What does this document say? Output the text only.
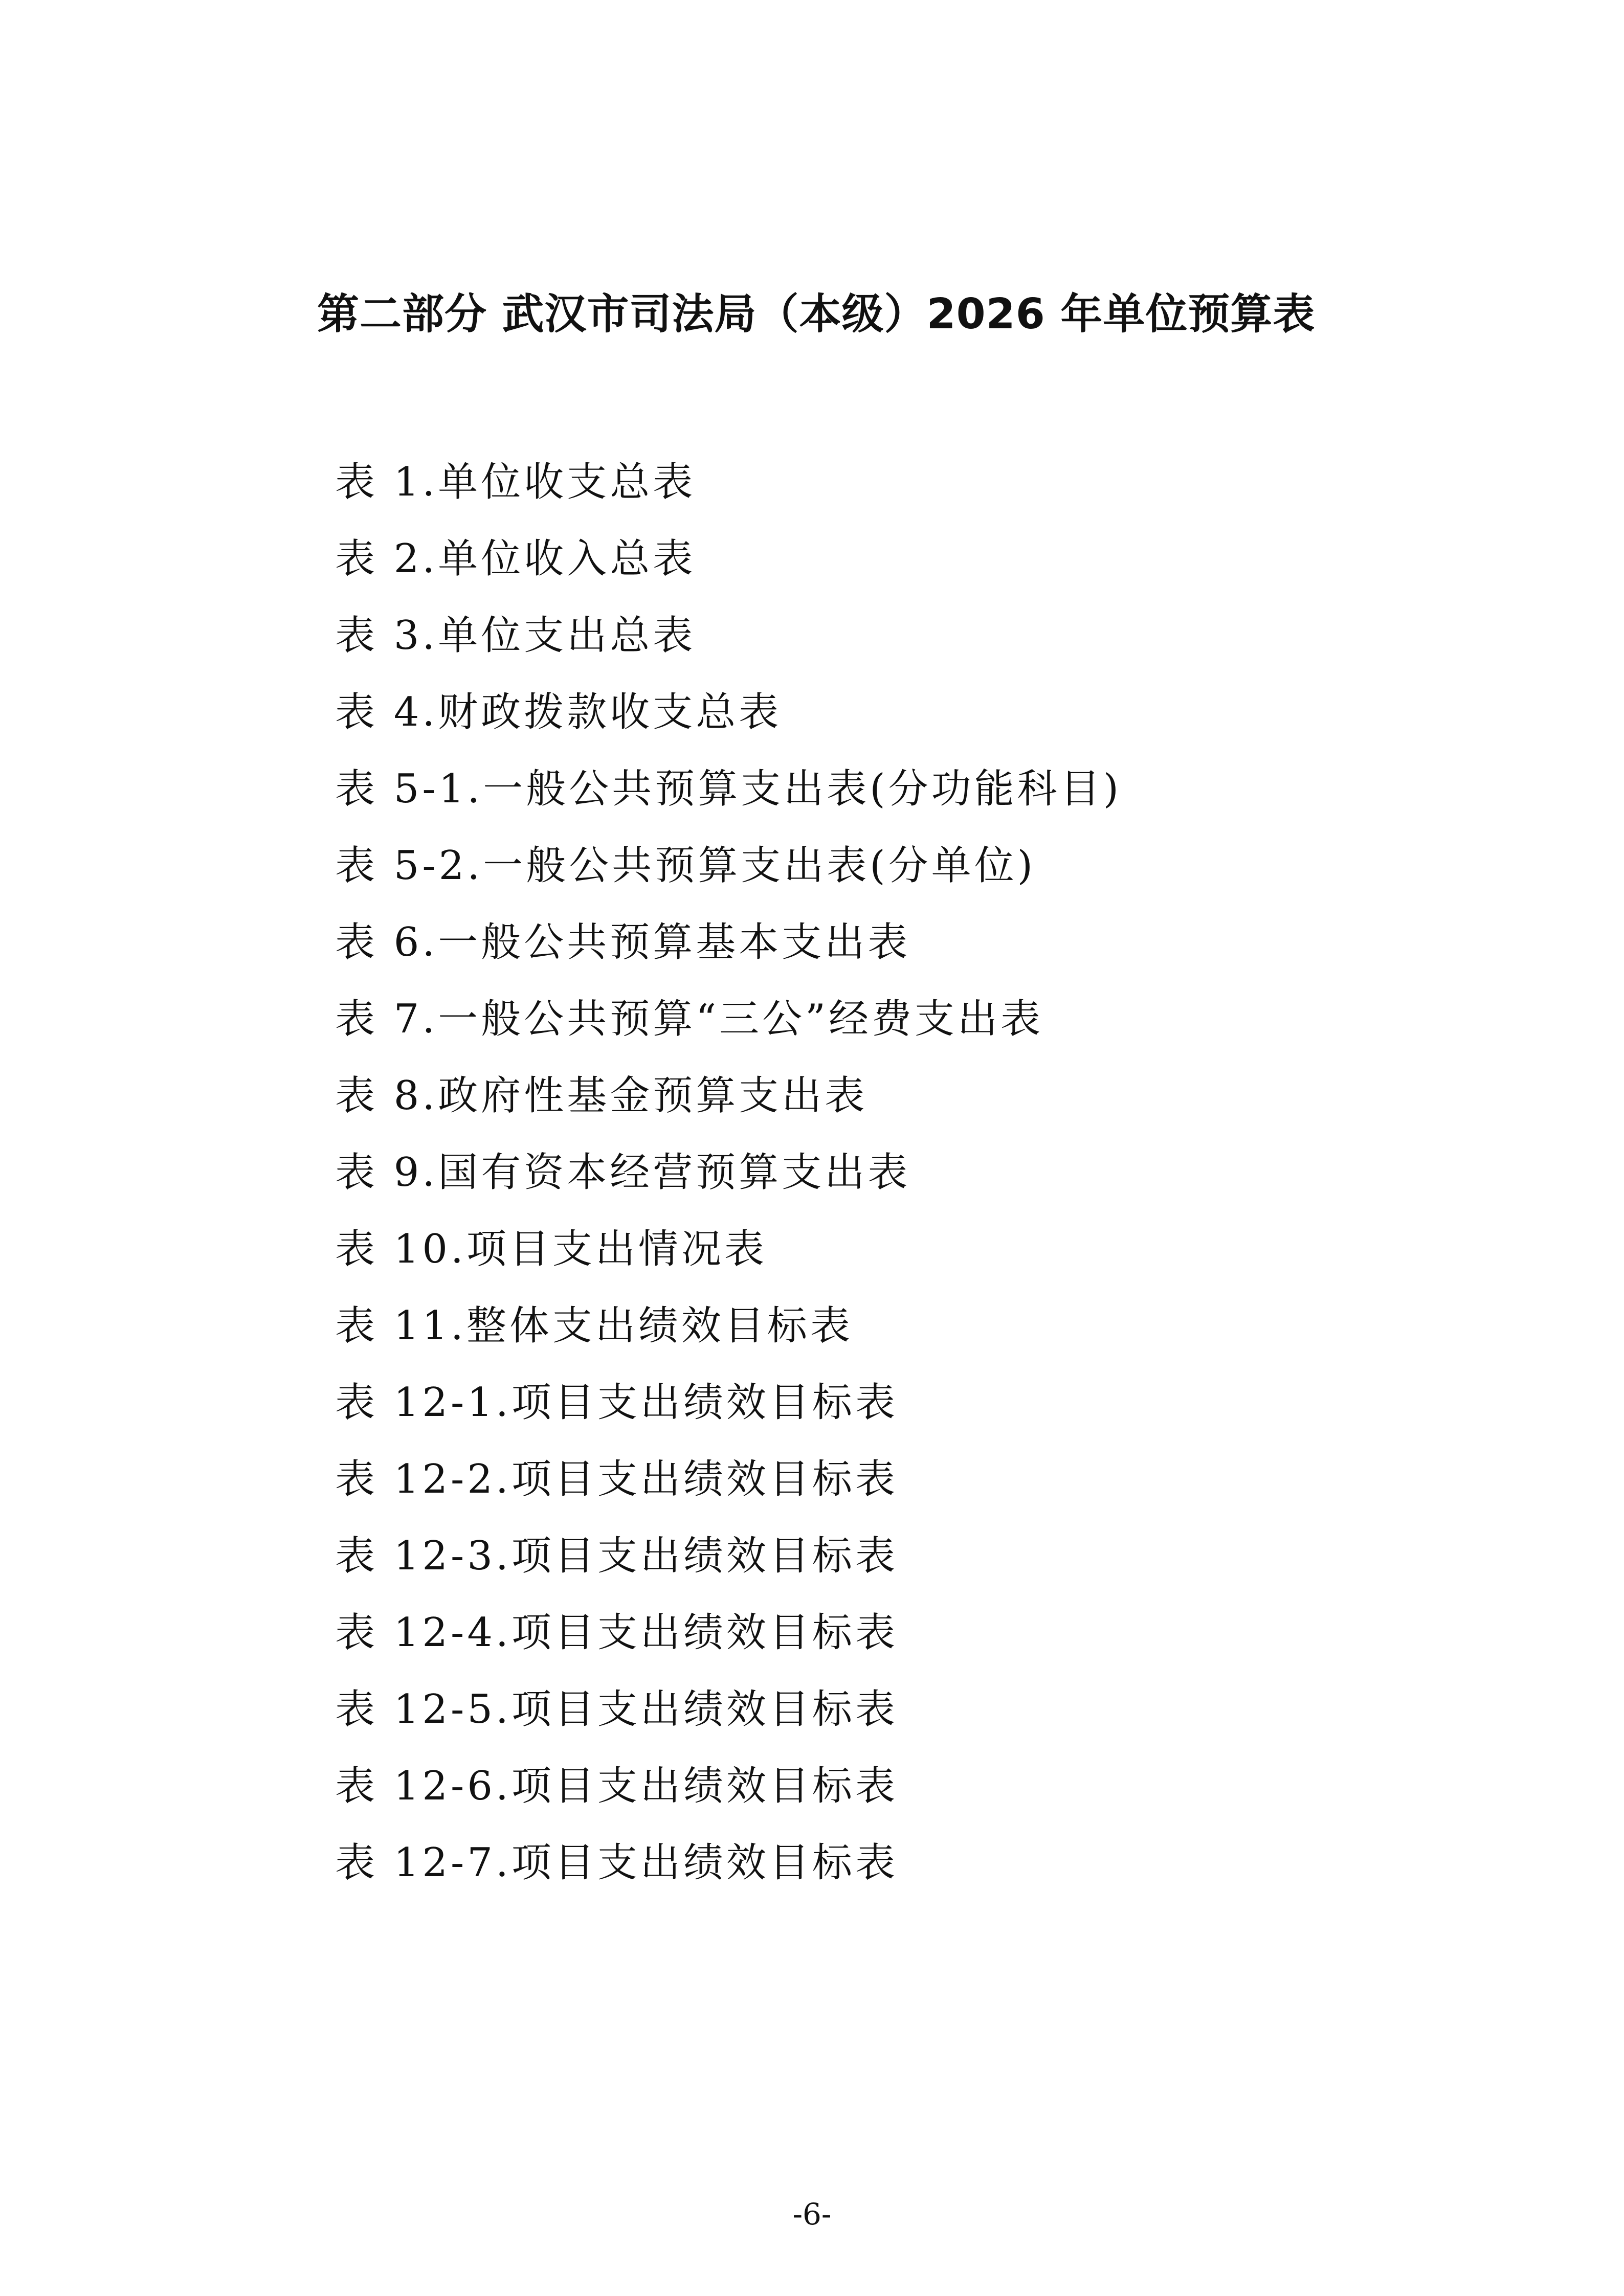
第二部分 武汉市司法局（本级）2026 年单位预算表
表 1.单位收支总表
表 2.单位收入总表
表 3.单位支出总表
表 4.财政拨款收支总表
表 5-1.一般公共预算支出表(分功能科目)
表 5-2.一般公共预算支出表(分单位)
表 6.一般公共预算基本支出表
表 7.一般公共预算“三公”经费支出表
表 8.政府性基金预算支出表
表 9.国有资本经营预算支出表
表 10.项目支出情况表
表 11.整体支出绩效目标表
表 12-1.项目支出绩效目标表
表 12-2.项目支出绩效目标表
表 12-3.项目支出绩效目标表
表 12-4.项目支出绩效目标表
表 12-5.项目支出绩效目标表
表 12-6.项目支出绩效目标表
表 12-7.项目支出绩效目标表
-6-
